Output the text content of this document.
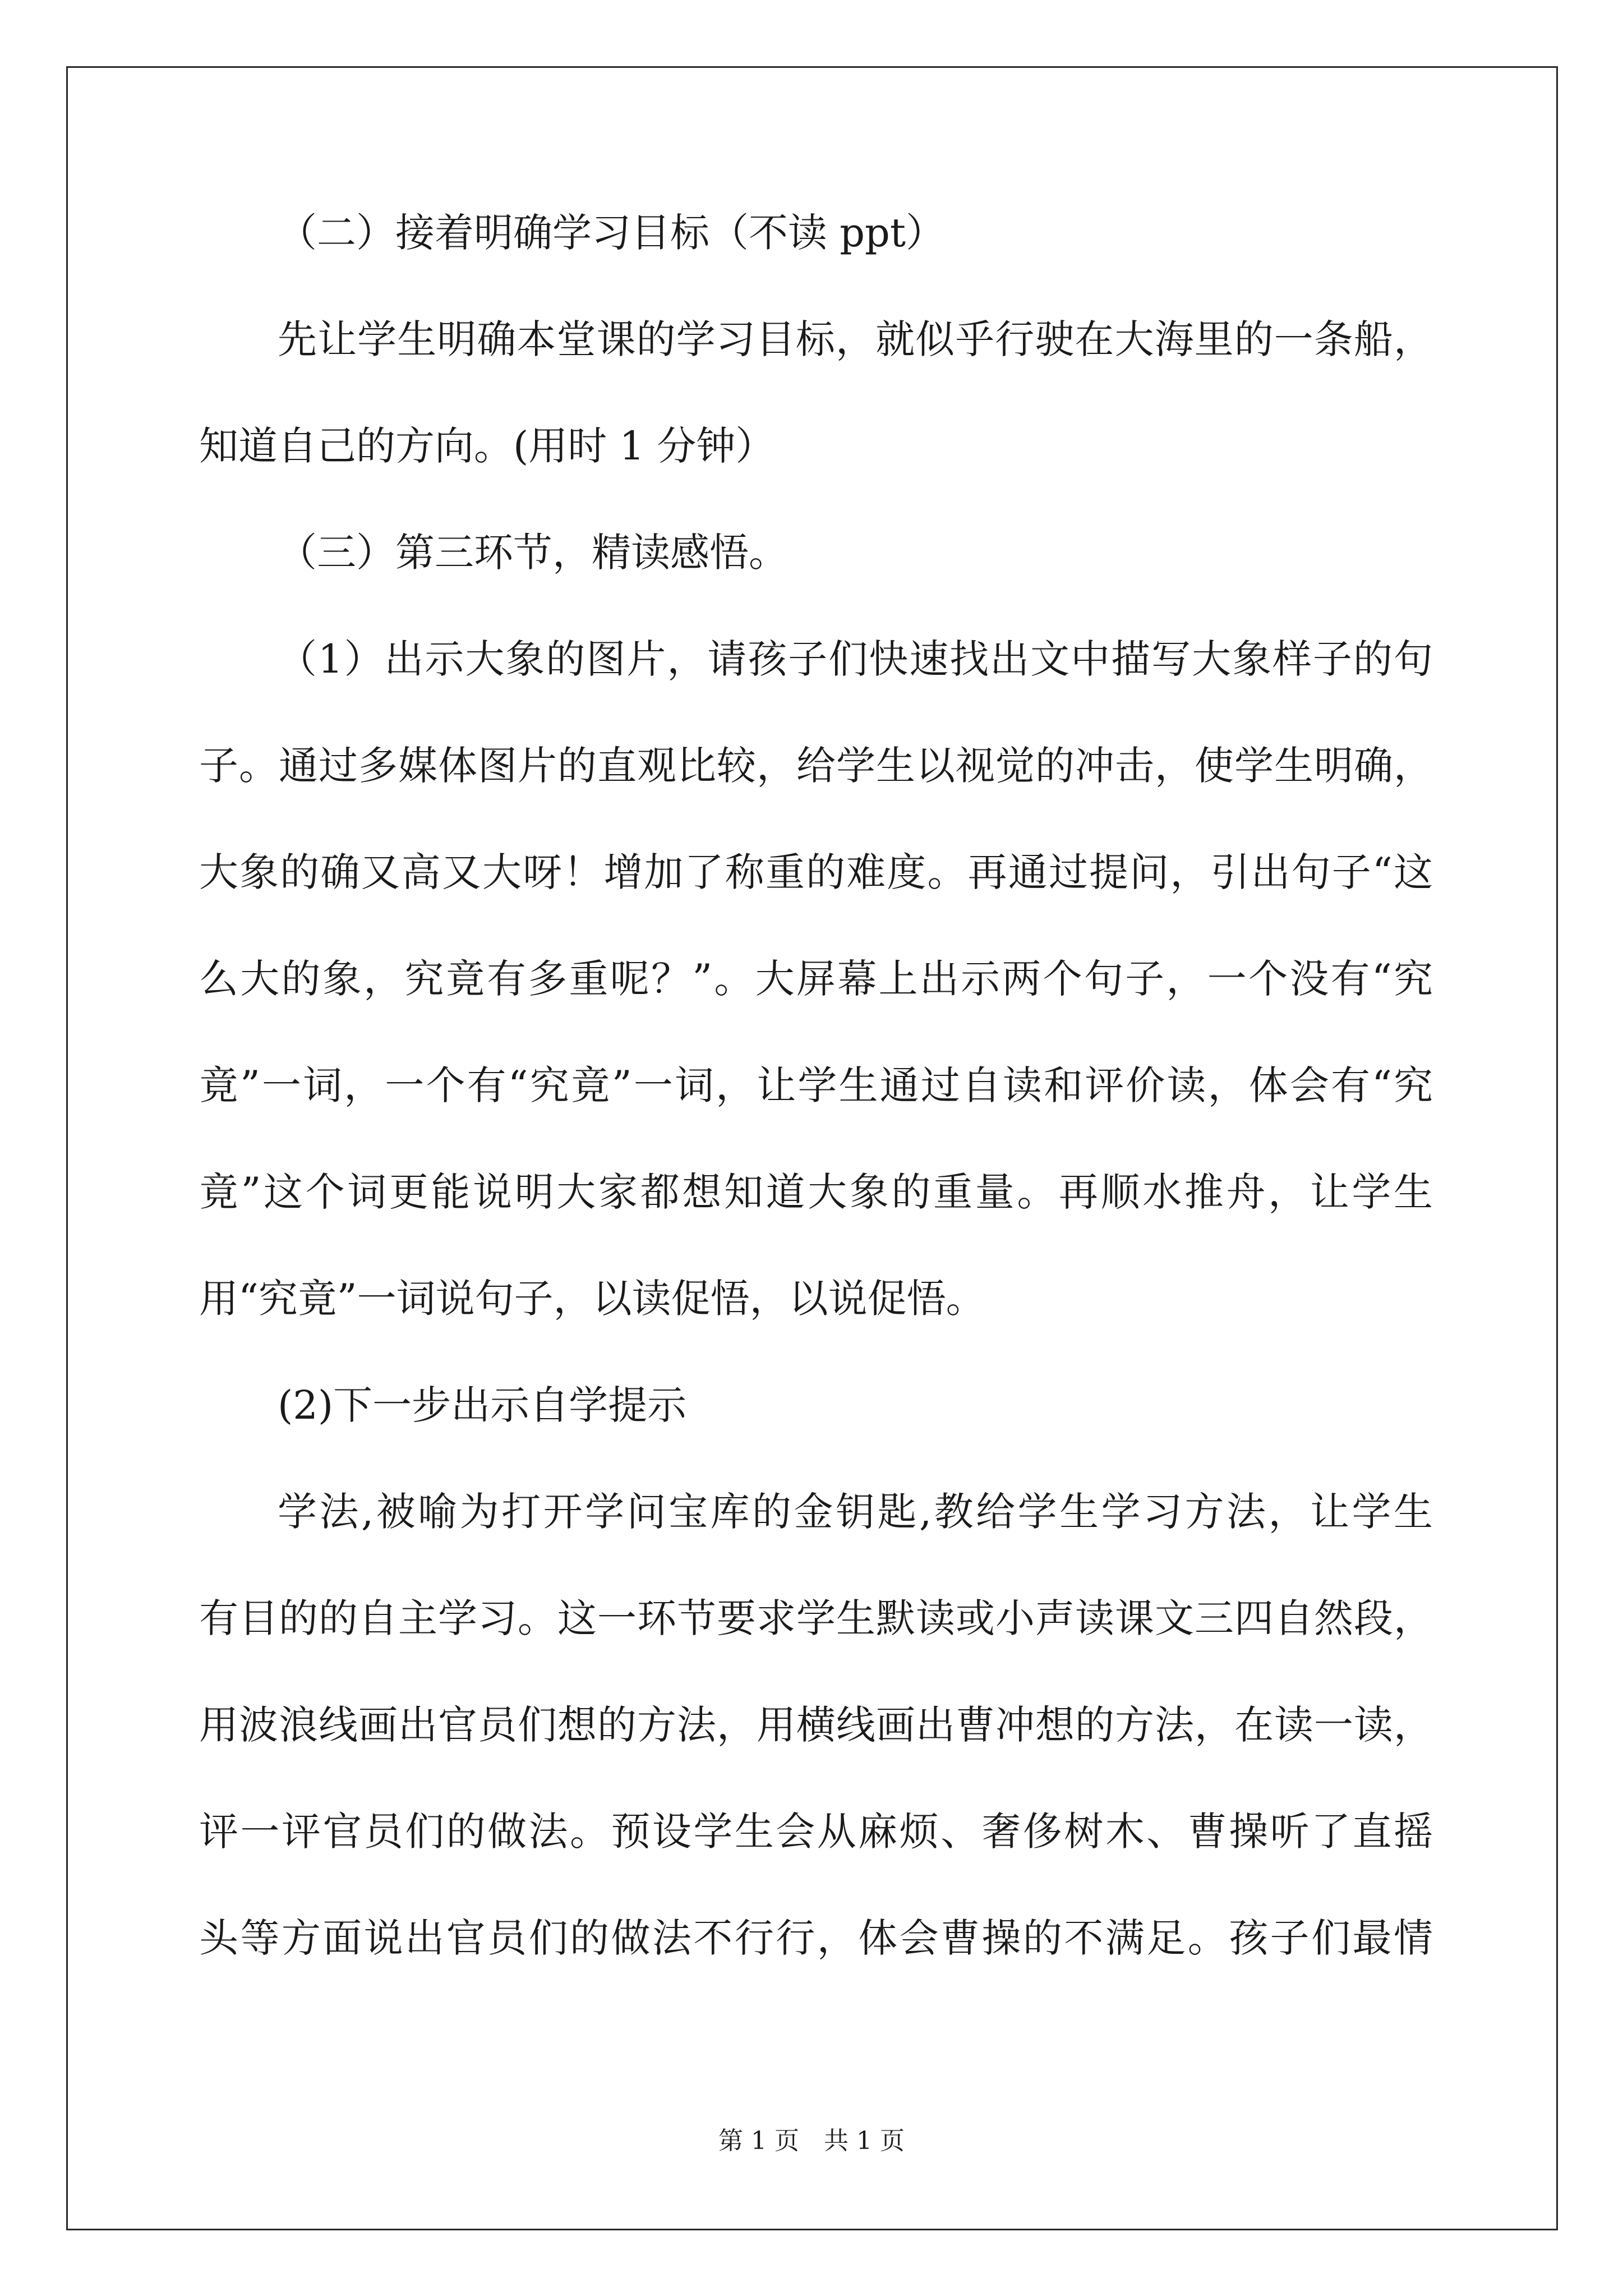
（二）接着明确学习目标（不读 ppt）
先让学生明确本堂课的学习目标，就似乎行驶在大海里的一条船，
知道自己的方向。(用时 1 分钟）
（三）第三环节，精读感悟。
（1）出示大象的图片，请孩子们快速找出文中描写大象样子的句
子。通过多媒体图片的直观比较，给学生以视觉的冲击，使学生明确，
大象的确又高又大呀！增加了称重的难度。再通过提问，引出句子“这
么大的象，究竟有多重呢？”。大屏幕上出示两个句子，一个没有“究
竟”一词，一个有“究竟”一词，让学生通过自读和评价读，体会有“究
竟”这个词更能说明大家都想知道大象的重量。再顺水推舟，让学生
用“究竟”一词说句子，以读促悟，以说促悟。
(2)下一步出示自学提示
学法,被喻为打开学问宝库的金钥匙,教给学生学习方法，让学生
有目的的自主学习。这一环节要求学生默读或小声读课文三四自然段，
用波浪线画出官员们想的方法，用横线画出曹冲想的方法，在读一读，
评一评官员们的做法。预设学生会从麻烦、奢侈树木、曹操听了直摇
头等方面说出官员们的做法不行行，体会曹操的不满足。孩子们最情
第 1 页　共 1 页
